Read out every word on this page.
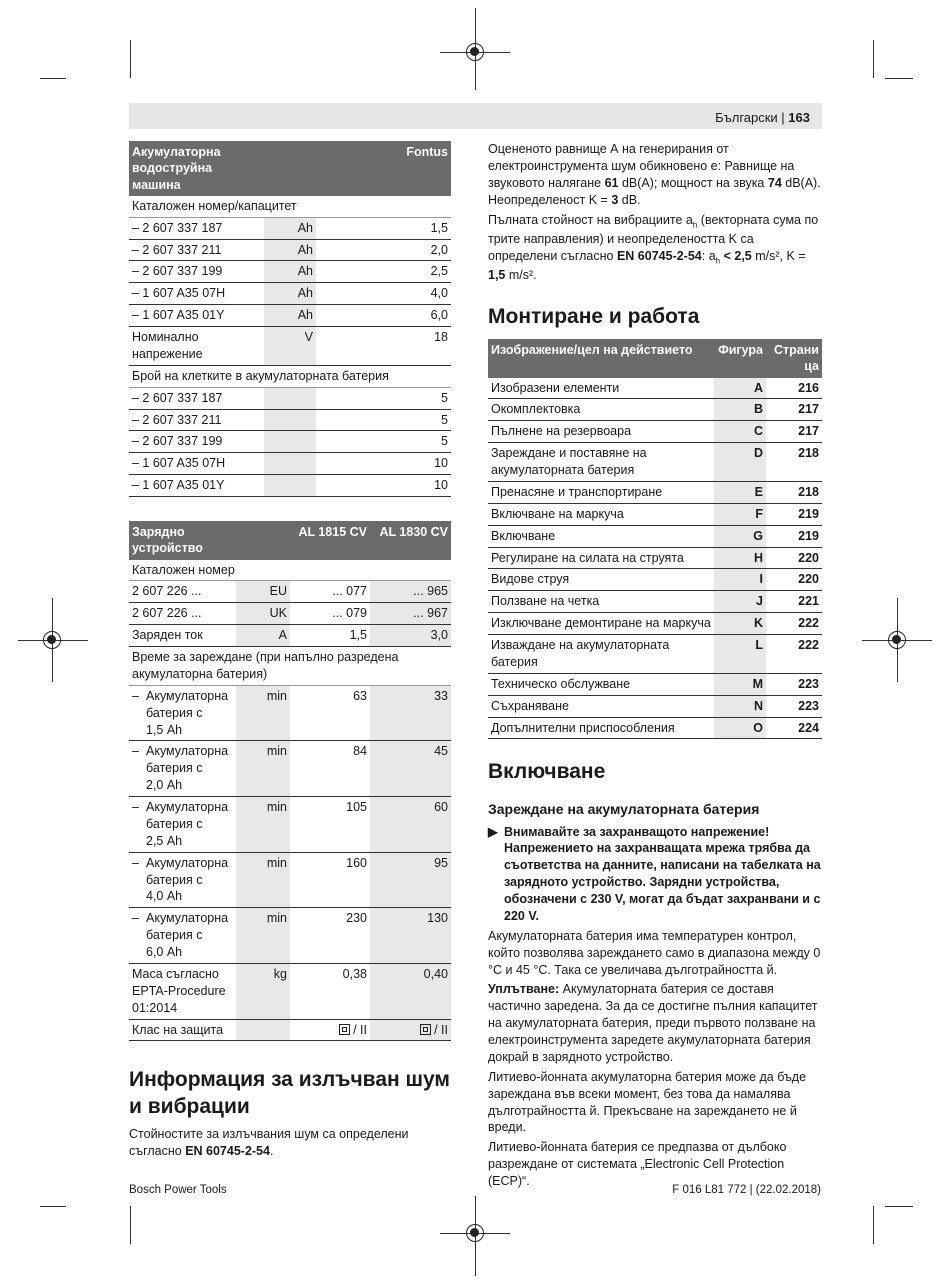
Български | 163
Акумулаторна водоструйна машина		Fontus
Каталожен номер/капацитет		
– 2 607 337 187	Ah	1,5
– 2 607 337 211	Ah	2,0
– 2 607 337 199	Ah	2,5
– 1 607 A35 07H	Ah	4,0
– 1 607 A35 01Y	Ah	6,0
Номинално напрежение	V	18
Брой на клетките в акумулаторната батерия		
– 2 607 337 187		5
– 2 607 337 211		5
– 2 607 337 199		5
– 1 607 A35 07H		10
– 1 607 A35 01Y		10
Зарядно устройство	AL 1815 CV		AL 1830 CV
Каталожен номер			
2 607 226 ...	EU	... 077	... 965
2 607 226 ...	UK	... 079	... 967
Заряден ток	A	1,5	3,0
Време за зареждане (при напълно разредена акумулаторна батерия)			
– Акумулаторна
батерия с
1,5 Ah	min	63	33
– Акумулаторна
батерия с
2,0 Ah	min	84	45
– Акумулаторна
батерия с
2,5 Ah	min	105	60
– Акумулаторна
батерия с
4,0 Ah	min	160	95
– Акумулаторна
батерия с
6,0 Ah	min	230	130
Маса съгласно EPTA-Procedure 01:2014	kg	0,38	0,40
Клас на защита		/ II	/ II
Информация за излъчван шум и вибрации

Стойностите за излъчвания шум са определени съгласно EN 60745-2-54.

Оцененото равнище А на генерирания от електроинструмента шум обикновено е: Равнище на звуковото налягане 61 dB(A); мощност на звука 74 dB(A). Неопределеност K = 3 dB.

Пълната стойност на вибрациите $a_h$ (векторната сума по трите направления) и неопределеността K са определени съгласно EN 60745-2-54: $a_h < 2,5$ m/s², K = 1,5 m/s².

Монтиране и работа
Изображение/цел на действието	Фигура	Страница
Изобразени елементи	A	216
Окомплектовка	B	217
Пълнене на резервоара	C	217
Зареждане и поставяне на акумулаторната батерия	D	218
Пренасяне и транспортиране	E	218
Включване на маркуча	F	219
Включване	G	219
Регулиране на силата на струята	H	220
Видове струя	I	220
Ползване на четка	J	221
Изключване демонтиране на маркуча	K	222
Изваждане на акумулаторната батерия	L	222
Техническо обслужване	M	223
Съхраняване	N	223
Допълнителни приспособления	O	224
Включване
Зареждане на акумулаторната батерия

▶ Внимавайте за захранващото напрежение! Напрежението на захранващата мрежа трябва да съответства на данните, написани на табелката на зарядното устройство. Зарядни устройства, обозначени с 230 V, могат да бъдат захранвани и с 220 V.

Акумулаторната батерия има температурен контрол, който позволява зареждането само в диапазона между 0 °C и 45 °C. Така се увеличава дълготрайността й.

Уплътване: Акумулаторната батерия се доставя частично заредена. За да се достигне пълния капацитет на акумулаторната батерия, преди първото ползване на електроинструмента заредете акумулаторната батерия докрай в зарядното устройство.

Литиево-йонната акумулаторна батерия може да бъде зареждана във всеки момент, без това да намалява дълготрайността й. Прекъсване на зареждането не й вреди.

Литиево-йонната батерия се предпазва от дълбоко разреждане от системата „Electronic Cell Protection (ECP)“.

Bosch Power Tools	F 016 L81 772 | (22.02.2018)
